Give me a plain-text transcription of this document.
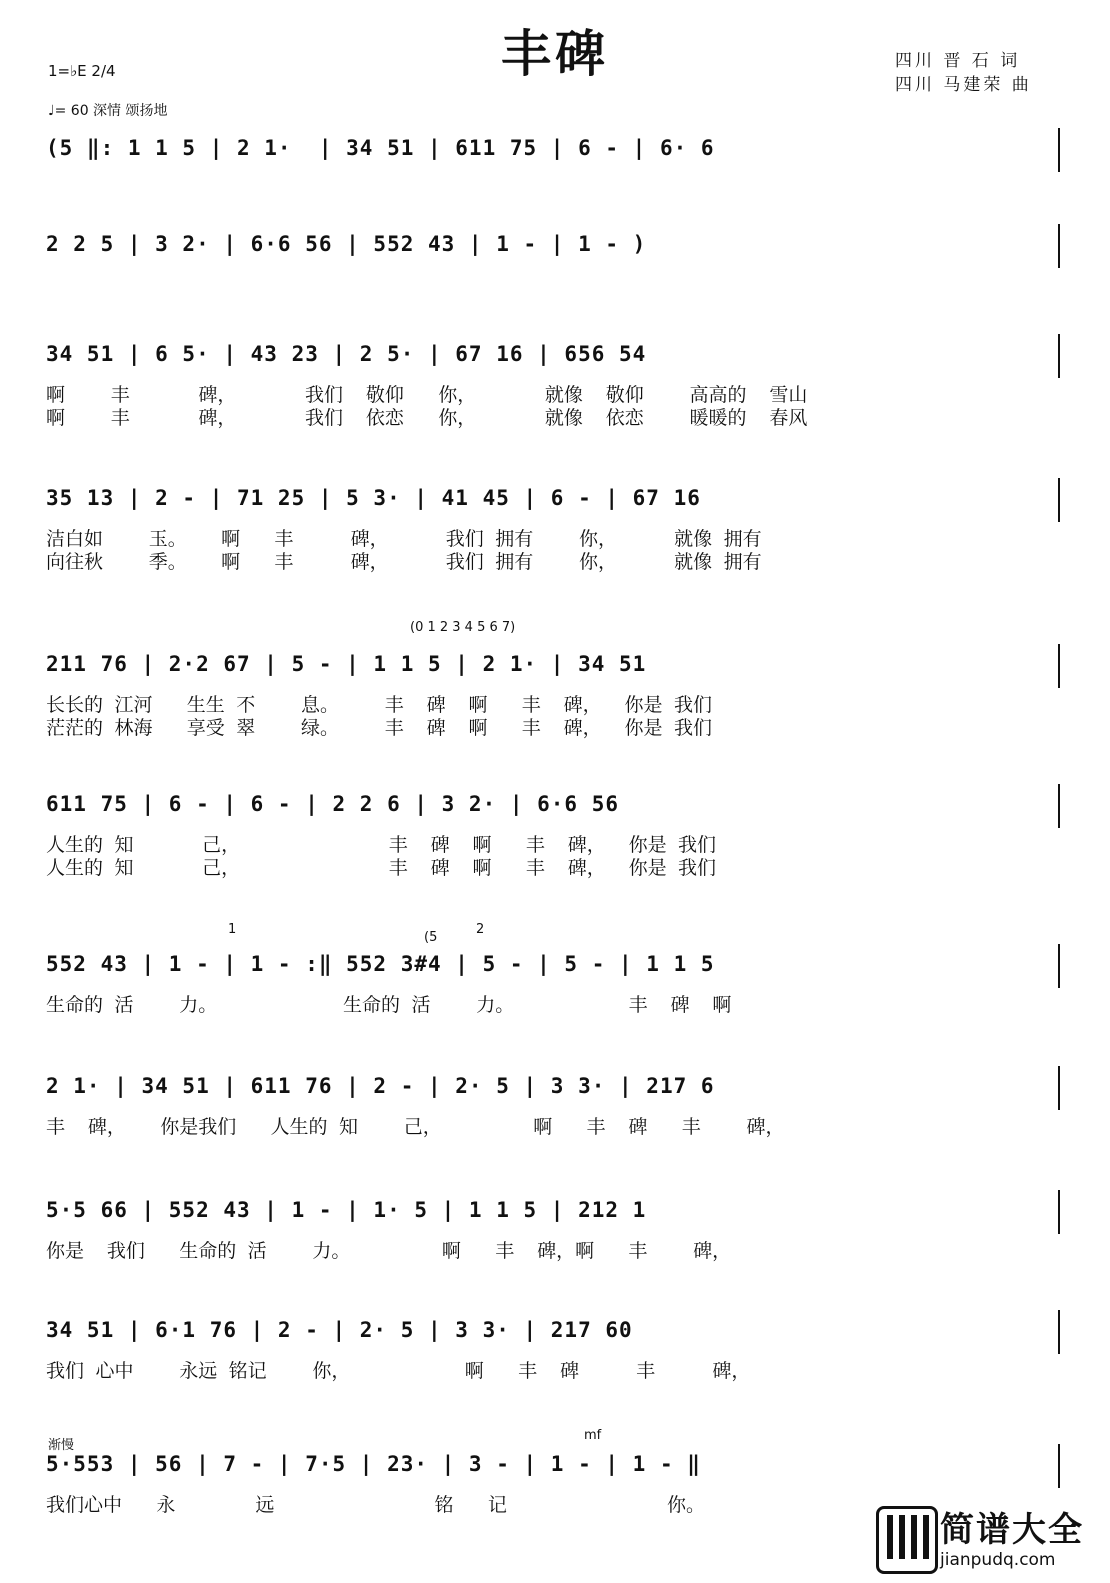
丰碑	四川 晋 石 词
四川 马建荣 曲
1=♭E 2/4
♩= 60 深情 颂扬地
(5 ‖: 1 1 5 | 2 1·  | 34 51 | 611 75 | 6 - | 6· 6
2 2 5 | 3 2· | 6·6 56 | 552 43 | 1 - | 1 - )
34 51 | 6 5· | 43 23 | 2 5· | 67 16 | 656 54
啊    丰      碑，      我们  敬仰   你，      就像  敬仰    高高的  雪山
啊    丰      碑，      我们  依恋   你，      就像  依恋    暖暖的  春风
35 13 | 2 - | 71 25 | 5 3· | 41 45 | 6 - | 67 16
洁白如    玉。   啊   丰     碑，     我们 拥有    你，     就像 拥有
向往秋    季。   啊   丰     碑，     我们 拥有    你，     就像 拥有
211 76 | 2·2 67 | 5 - | 1 1 5 | 2 1· | 34 51
长长的 江河   生生 不    息。    丰  碑  啊   丰  碑，  你是 我们
茫茫的 林海   享受 翠    绿。    丰  碑  啊   丰  碑，  你是 我们
611 75 | 6 - | 6 - | 2 2 6 | 3 2· | 6·6 56
人生的 知      己，             丰  碑  啊   丰  碑，  你是 我们
人生的 知      己，             丰  碑  啊   丰  碑，  你是 我们
552 43 | 1 - | 1 - :‖ 552 3#4 | 5 - | 5 - | 1 1 5
生命的 活    力。           生命的 活    力。          丰  碑  啊
2 1· | 34 51 | 611 76 | 2 - | 2· 5 | 3 3· | 217 6
丰  碑，   你是我们   人生的 知    己，        啊   丰  碑   丰    碑，
5·5 66 | 552 43 | 1 - | 1· 5 | 1 1 5 | 212 1
你是  我们   生命的 活    力。        啊   丰  碑，啊   丰    碑，
34 51 | 6·1 76 | 2 - | 2· 5 | 3 3· | 217 60
我们 心中    永远 铭记    你，          啊   丰  碑     丰     碑，
5·553 | 56 | 7 - | 7·5 | 23· | 3 - | 1 - | 1 - ‖
我们心中   永       远              铭   记              你。
1	2
(5
(0 1 2 3 4 5 6 7)
渐慢
mf
简谱大全
jianpudq.com
